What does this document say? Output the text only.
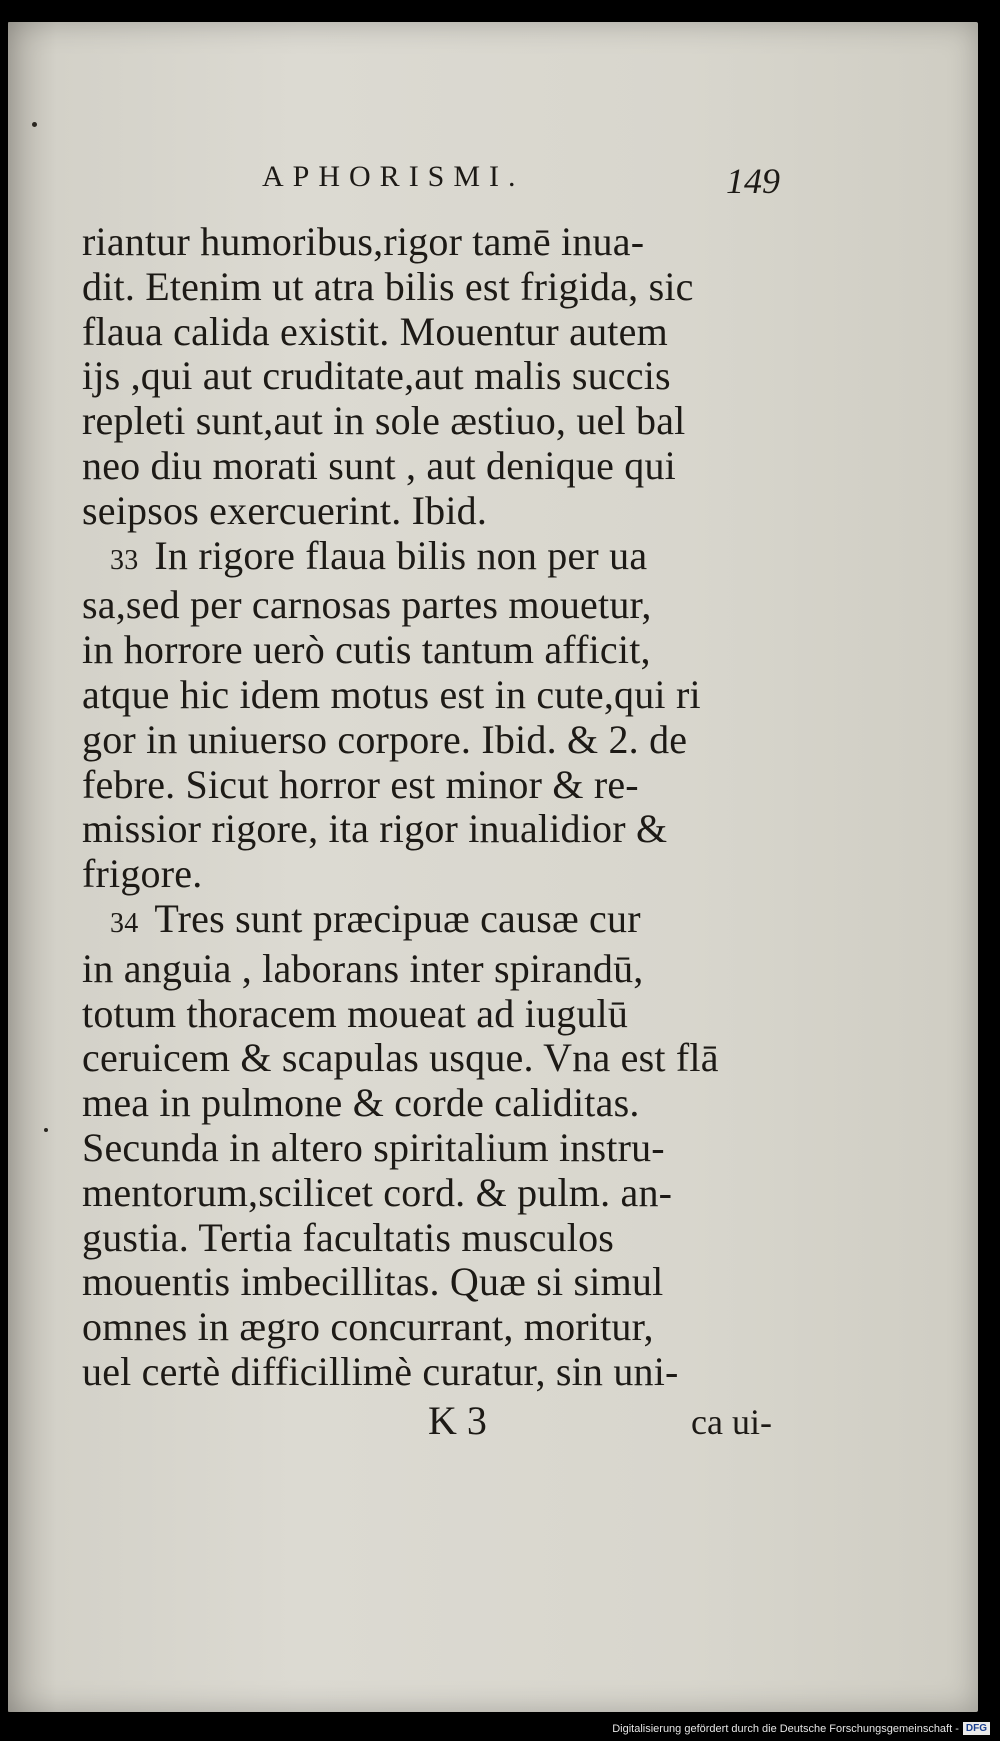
APHORISMI.	149
riantur humoribus,rigor tamē inua-
dit. Etenim ut atra bilis est frigida, sic
flaua calida existit. Mouentur autem
ijs ,qui aut cruditate,aut malis succis
repleti sunt,aut in sole æstiuo, uel bal
neo diu morati sunt , aut denique qui
seipsos exercuerint. Ibid.
33 In rigore flaua bilis non per ua
sa,sed per carnosas partes mouetur,
in horrore uerò cutis tantum afficit,
atque hic idem motus est in cute,qui ri
gor in uniuerso corpore. Ibid. & 2. de
febre. Sicut horror est minor & re-
missior rigore, ita rigor inualidior &
frigore.
34 Tres sunt præcipuæ causæ cur
in anguia , laborans inter spirandū,
totum thoracem moueat ad iugulū
ceruicem & scapulas usque. Vna est flā
mea in pulmone & corde caliditas.
Secunda in altero spiritalium instru-
mentorum,scilicet cord. & pulm. an-
gustia. Tertia facultatis musculos
mouentis imbecillitas. Quæ si simul
omnes in ægro concurrant, moritur,
uel certè difficillimè curatur, sin uni-
K 3	ca ui-
Digitalisierung gefördert durch die Deutsche Forschungsgemeinschaft - DFG
